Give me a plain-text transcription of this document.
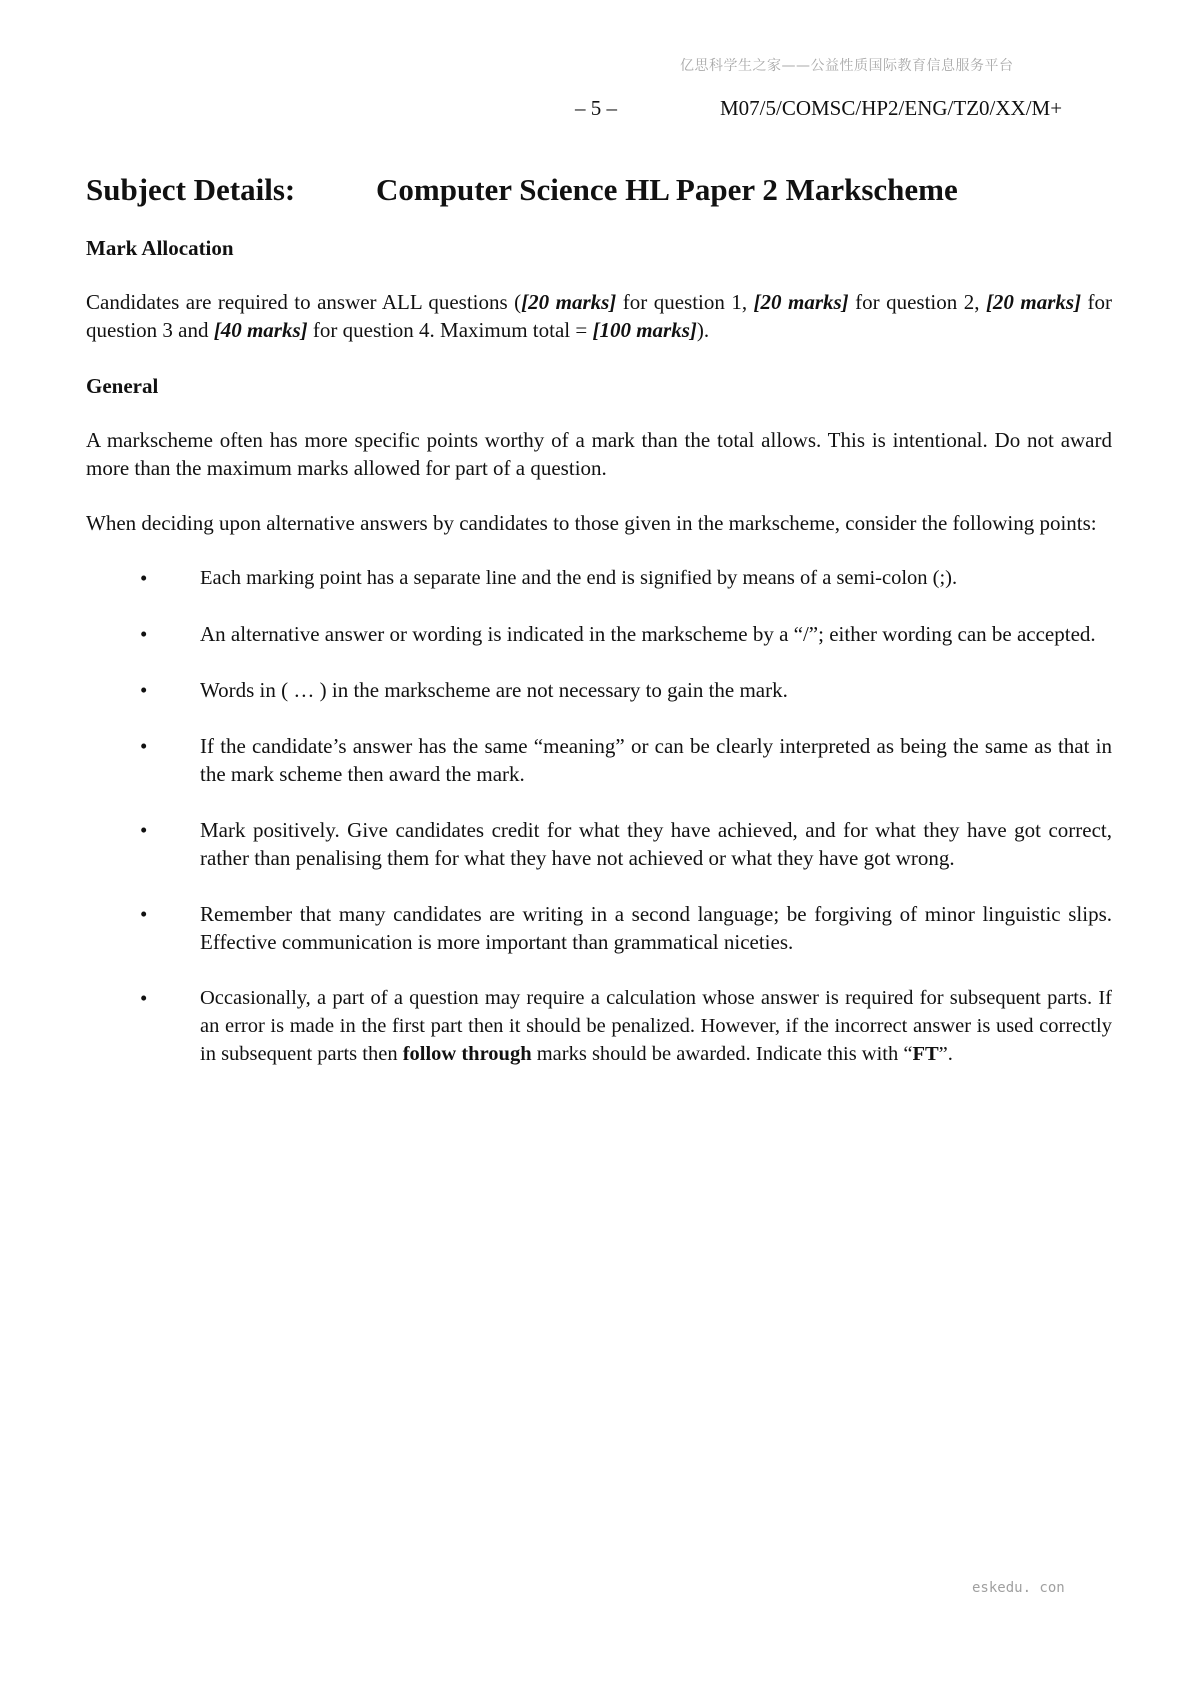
亿思科学生之家——公益性质国际教育信息服务平台
– 5 –	M07/5/COMSC/HP2/ENG/TZ0/XX/M+
Subject Details:	Computer Science HL Paper 2 Markscheme
Mark Allocation

Candidates are required to answer ALL questions ([20 marks] for question 1, [20 marks] for question 2, [20 marks] for question 3 and [40 marks] for question 4. Maximum total = [100 marks]).

General

A markscheme often has more specific points worthy of a mark than the total allows. This is intentional. Do not award more than the maximum marks allowed for part of a question.

When deciding upon alternative answers by candidates to those given in the markscheme, consider the following points:

•	Each marking point has a separate line and the end is signified by means of a semi-colon (;).
•	An alternative answer or wording is indicated in the markscheme by a “/”; either wording can be accepted.
•	Words in ( … ) in the markscheme are not necessary to gain the mark.
•	If the candidate’s answer has the same “meaning” or can be clearly interpreted as being the same as that in the mark scheme then award the mark.
•	Mark positively. Give candidates credit for what they have achieved, and for what they have got correct, rather than penalising them for what they have not achieved or what they have got wrong.
•	Remember that many candidates are writing in a second language; be forgiving of minor linguistic slips. Effective communication is more important than grammatical niceties.
•	Occasionally, a part of a question may require a calculation whose answer is required for subsequent parts. If an error is made in the first part then it should be penalized. However, if the incorrect answer is used correctly in subsequent parts then follow through marks should be awarded. Indicate this with “FT”.
eskedu. con
